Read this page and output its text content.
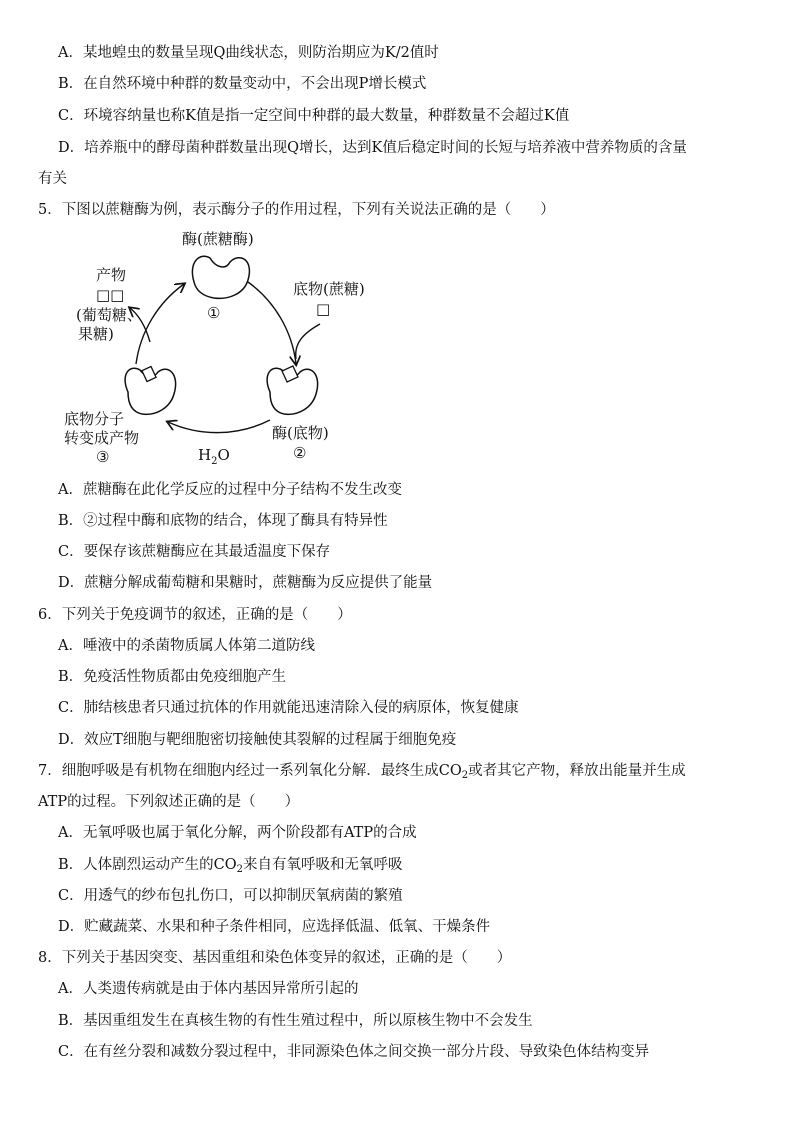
A．某地蝗虫的数量呈现Q曲线状态，则防治期应为K/2值时
B．在自然环境中种群的数量变动中，不会出现P增长模式
C．环境容纳量也称K值是指一定空间中种群的最大数量，种群数量不会超过K值
D．培养瓶中的酵母菌种群数量出现Q增长，达到K值后稳定时间的长短与培养液中营养物质的含量
有关
5．下图以蔗糖酶为例，表示酶分子的作用过程，下列有关说法正确的是（　　）
酶(蔗糖酶)
①
底物(蔗糖)
□
酶(底物)
②
$H_2O$
底物分子
转变成产物
③
产物
□□
(葡萄糖、
果糖)
A．蔗糖酶在此化学反应的过程中分子结构不发生改变
B．②过程中酶和底物的结合，体现了酶具有特异性
C．要保存该蔗糖酶应在其最适温度下保存
D．蔗糖分解成葡萄糖和果糖时，蔗糖酶为反应提供了能量
6．下列关于免疫调节的叙述，正确的是（　　）
A．唾液中的杀菌物质属人体第二道防线
B．免疫活性物质都由免疫细胞产生
C．肺结核患者只通过抗体的作用就能迅速清除入侵的病原体，恢复健康
D．效应T细胞与靶细胞密切接触使其裂解的过程属于细胞免疫
7．细胞呼吸是有机物在细胞内经过一系列氧化分解．最终生成$CO_2$或者其它产物，释放出能量并生成
ATP的过程。下列叙述正确的是（　　）
A．无氧呼吸也属于氧化分解，两个阶段都有ATP的合成
B．人体剧烈运动产生的$CO_2$来自有氧呼吸和无氧呼吸
C．用透气的纱布包扎伤口，可以抑制厌氧病菌的繁殖
D．贮藏蔬菜、水果和种子条件相同，应选择低温、低氧、干燥条件
8．下列关于基因突变、基因重组和染色体变异的叙述，正确的是（　　）
A．人类遗传病就是由于体内基因异常所引起的
B．基因重组发生在真核生物的有性生殖过程中，所以原核生物中不会发生
C．在有丝分裂和减数分裂过程中，非同源染色体之间交换一部分片段、导致染色体结构变异
